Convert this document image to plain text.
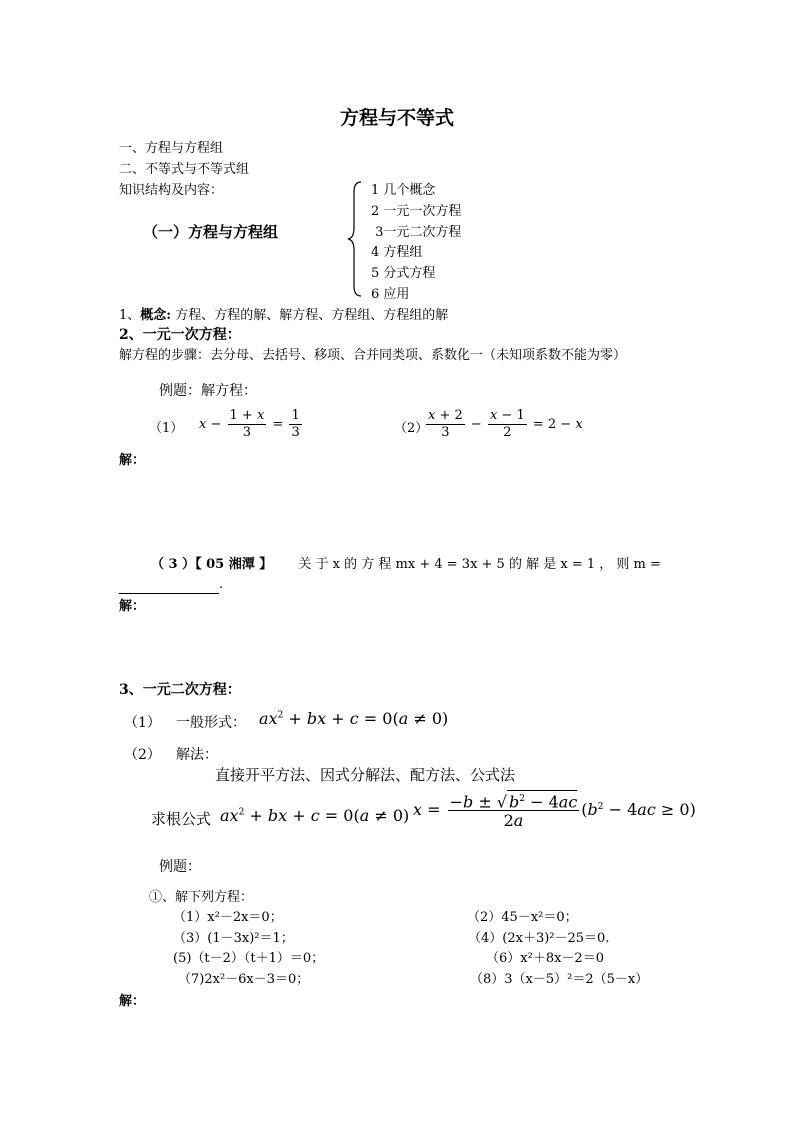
方程与不等式
一、方程与方程组
二、不等式与不等式组
知识结构及内容：
（一）方程与方程组
1 几个概念
2 一元一次方程
3一元二次方程
4 方程组
5 分式方程
6 应用
1、概念: 方程、方程的解、解方程、方程组、方程组的解
2、一元一次方程：
解方程的步骤：去分母、去括号、移项、合并同类项、系数化一（未知项系数不能为零）
例题：解方程：
（1） $x - \frac{1 + x}{3} = \frac{1}{3}$	（2）
$\frac{x + 2}{3} - \frac{x - 1}{2} = 2 - x$
解：
（ 3 ）【 05 湘潭 】 关 于 x 的 方 程 mx + 4 = 3x + 5 的 解 是 x = 1 ， 则 m =
.
解：
3、一元二次方程：
（1） 一般形式： $ax^2$ + bx + c = 0(a ≠ 0)
（2） 解法：
直接开平方法、因式分解法、配方法、公式法
求根公式 $ax^2$ + bx + c = 0(a ≠ 0) $x = \frac{-b \pm √ b^2 - 4ac}{2a} (b^2 - 4ac \ge 0)$
例题：
①、解下列方程：
（1）x²－2x＝0；	（2）45－x²＝0；
（3）(1－3x)²＝1；	（4）(2x＋3)²－25＝0.
(5)（t－2）（t＋1）＝0；	（6）x²＋8x－2＝0
（7)2x²－6x－3＝0；	（8）3（x－5）²＝2（5－x）
解：
